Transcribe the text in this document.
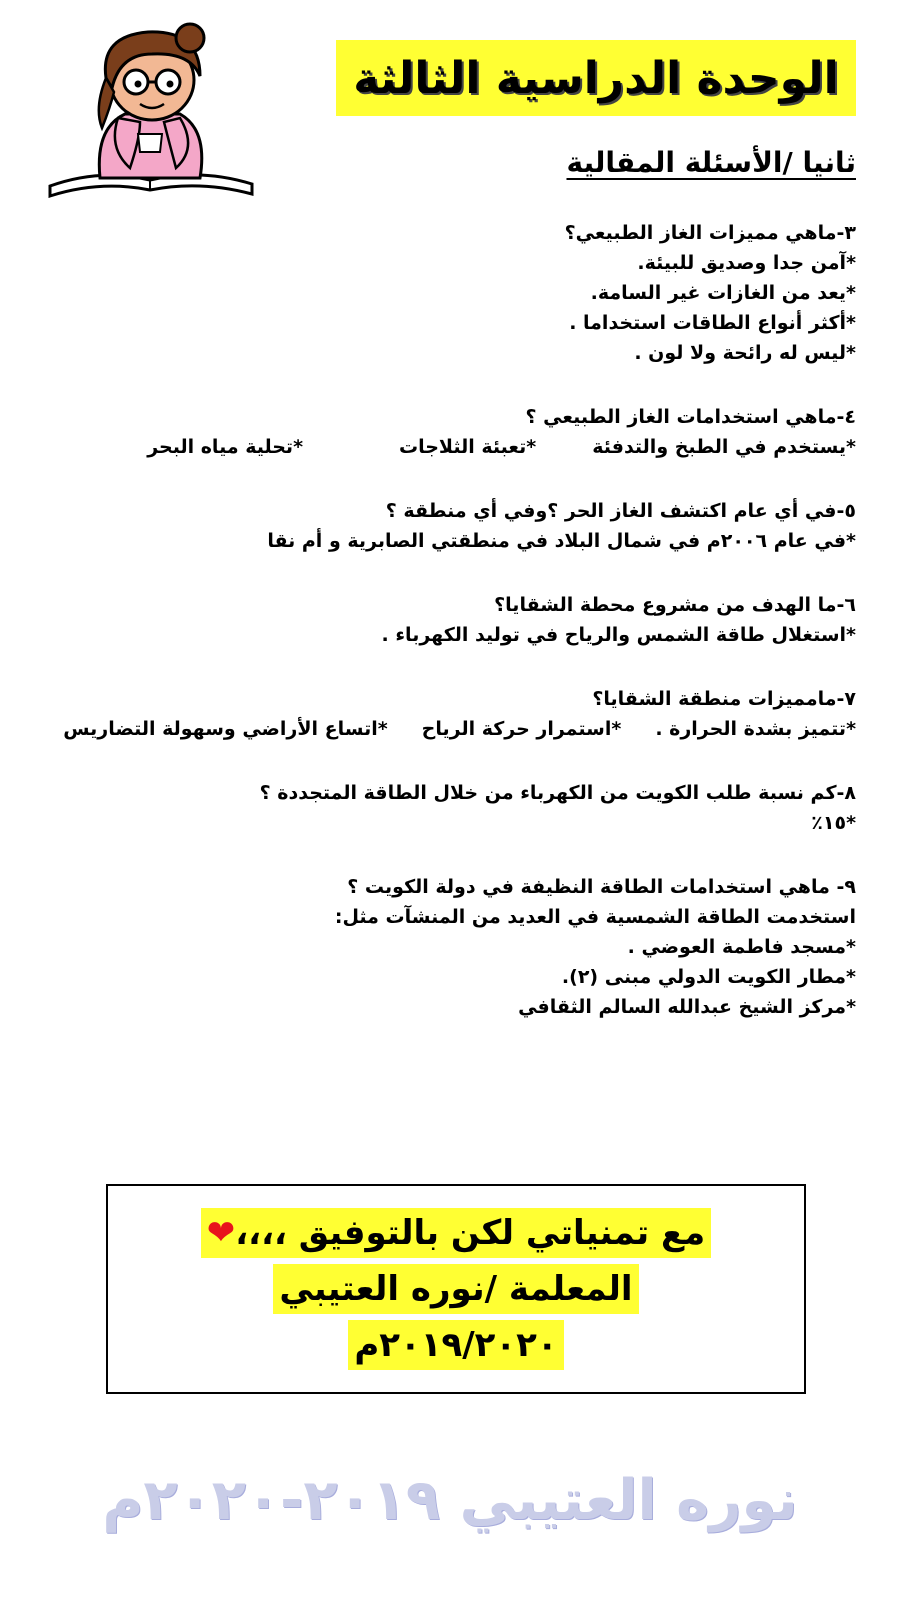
الوحدة الدراسية الثالثة
ثانيا /الأسئلة المقالية
٣-ماهي مميزات الغاز الطبيعي؟
*آمن جدا وصديق للبيئة.
*يعد من الغازات غير السامة.
*أكثر أنواع الطاقات استخداما .
*ليس له رائحة ولا لون .
٤-ماهي استخدامات الغاز الطبيعي ؟
*يستخدم في الطبخ والتدفئة
*تعبئة الثلاجات
*تحلية مياه البحر
٥-في أي عام اكتشف الغاز الحر ؟وفي أي منطقة ؟
*في عام ٢٠٠٦م في شمال البلاد في منطقتي الصابرية و أم نقا
٦-ما الهدف من مشروع محطة الشقايا؟
*استغلال طاقة الشمس والرياح في توليد الكهرباء .
٧-مامميزات منطقة الشقايا؟
*تتميز بشدة الحرارة .
*استمرار حركة الرياح
*اتساع الأراضي وسهولة التضاريس
٨-كم نسبة طلب الكويت من الكهرباء من خلال الطاقة المتجددة ؟
*١٥٪
٩- ماهي استخدامات الطاقة النظيفة في دولة الكويت ؟
استخدمت الطاقة الشمسية في العديد من المنشآت مثل:
*مسجد فاطمة العوضي .
*مطار الكويت الدولي مبنى (٢).
*مركز الشيخ عبدالله السالم الثقافي
مع تمنياتي لكن بالتوفيق ،،،،❤
المعلمة /نوره العتيبي
٢٠١٩/٢٠٢٠م
نوره العتيبي ٢٠١٩-٢٠٢٠م
